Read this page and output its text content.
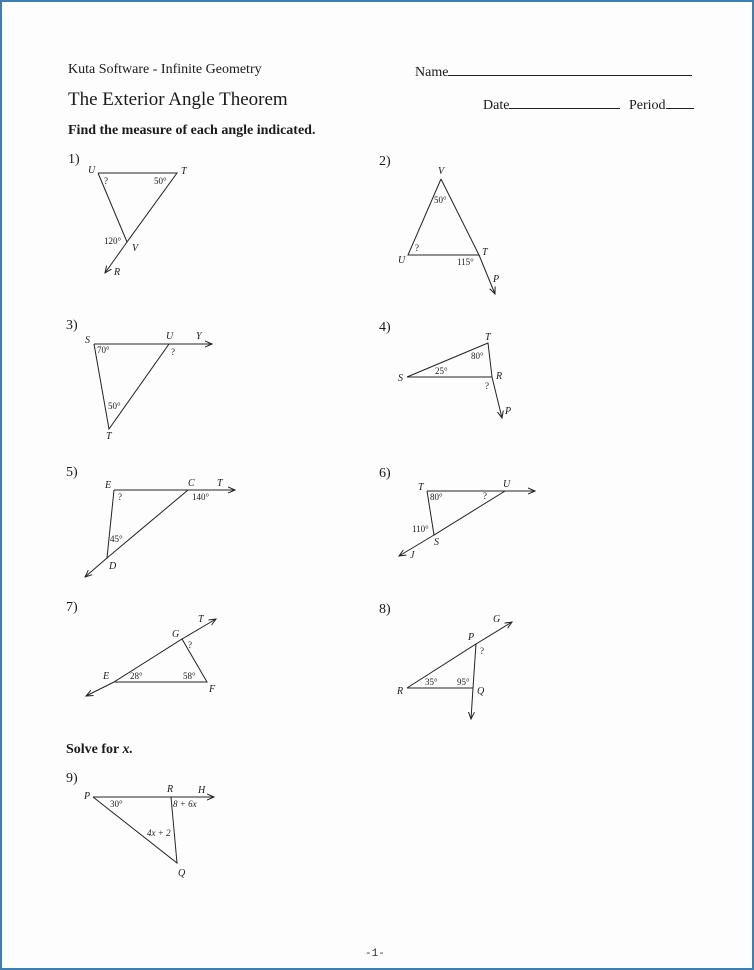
Kuta Software - Infinite Geometry
The Exterior Angle Theorem
Name
Date	Period
Find the measure of each angle indicated.
1)	2)
3)	4)
5)	6)
7)	8)
Solve for x.
9)
U	T
V
R
?	50°
120°
V
U
T
P
50°
?
115°
S	U Y
T
70°	?
50°
T
S	R
P
80°
25°
?
E	C T
D
?	140°
45°
T	U
S
J
80°	?
110°
T
G
E
F
?
28°	58°
G
P
R	Q
?
35° 95°
P
R H
Q
30°	8 + 6x
4x + 2
-1-
